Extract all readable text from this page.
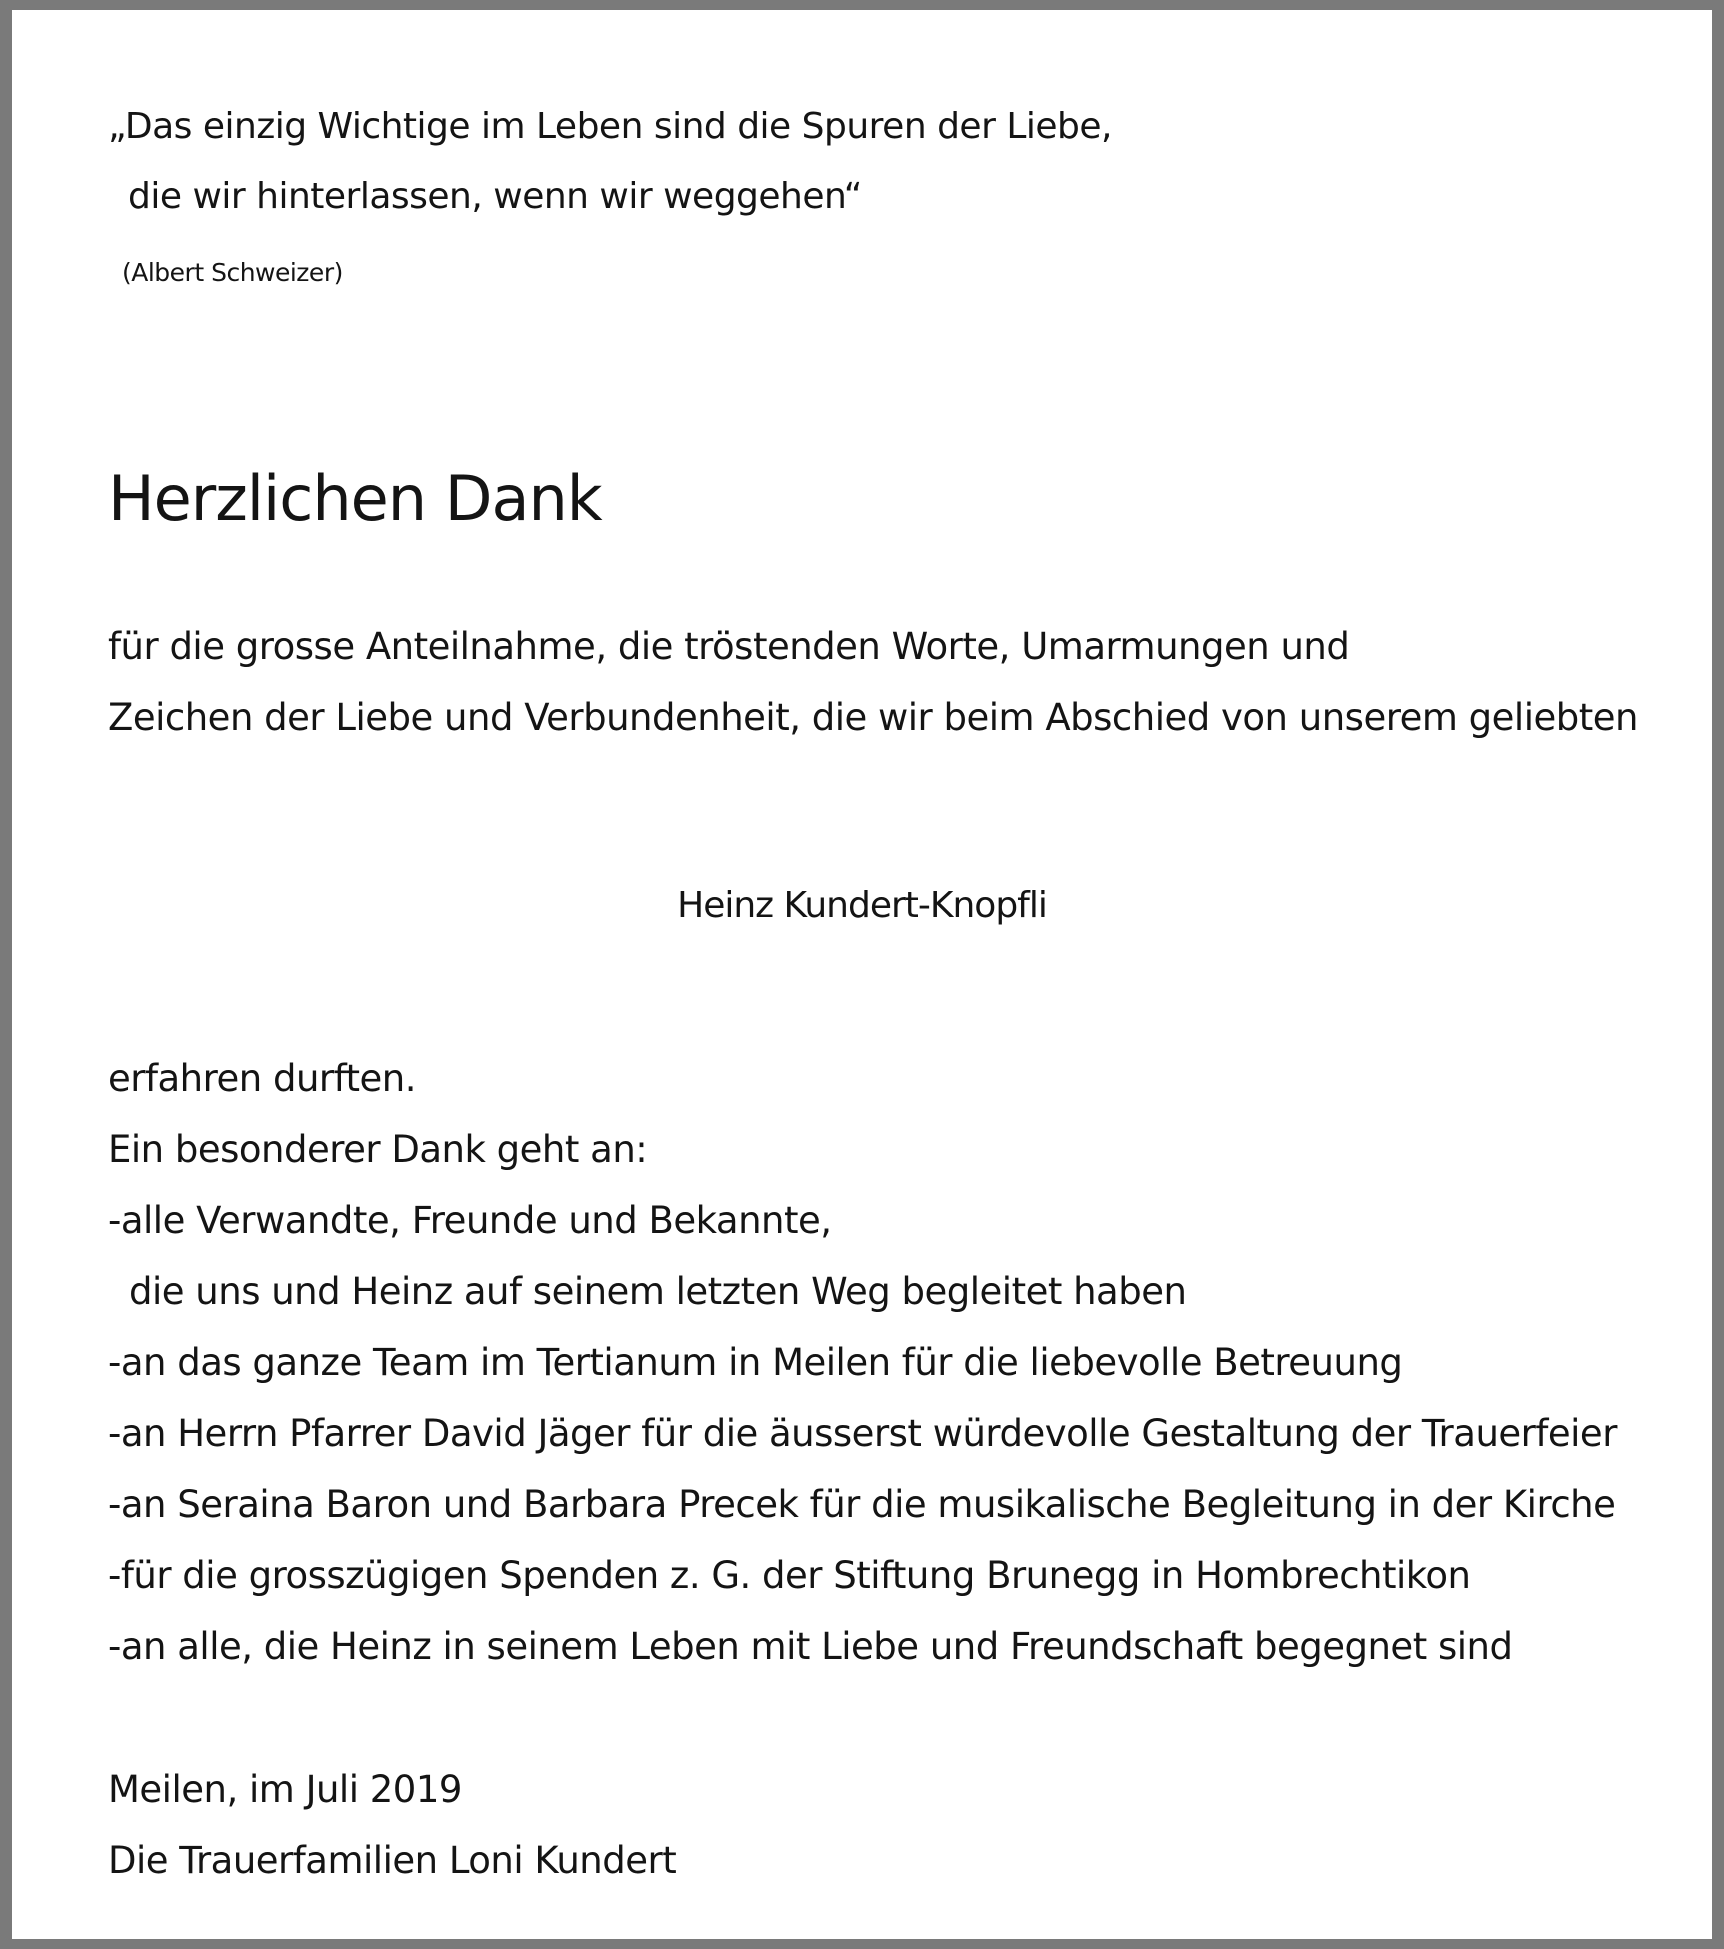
„Das einzig Wichtige im Leben sind die Spuren der Liebe,
die wir hinterlassen, wenn wir weggehen“
(Albert Schweizer)
Herzlichen Dank
für die grosse Anteilnahme, die tröstenden Worte, Umarmungen und
Zeichen der Liebe und Verbundenheit, die wir beim Abschied von unserem geliebten
Heinz Kundert-Knopfli
erfahren durften.
Ein besonderer Dank geht an:
-alle Verwandte, Freunde und Bekannte,
die uns und Heinz auf seinem letzten Weg begleitet haben
-an das ganze Team im Tertianum in Meilen für die liebevolle Betreuung
-an Herrn Pfarrer David Jäger für die äusserst würdevolle Gestaltung der Trauerfeier
-an Seraina Baron und Barbara Precek für die musikalische Begleitung in der Kirche
-für die grosszügigen Spenden z. G. der Stiftung Brunegg in Hombrechtikon
-an alle, die Heinz in seinem Leben mit Liebe und Freundschaft begegnet sind
Meilen, im Juli 2019
Die Trauerfamilien Loni Kundert
